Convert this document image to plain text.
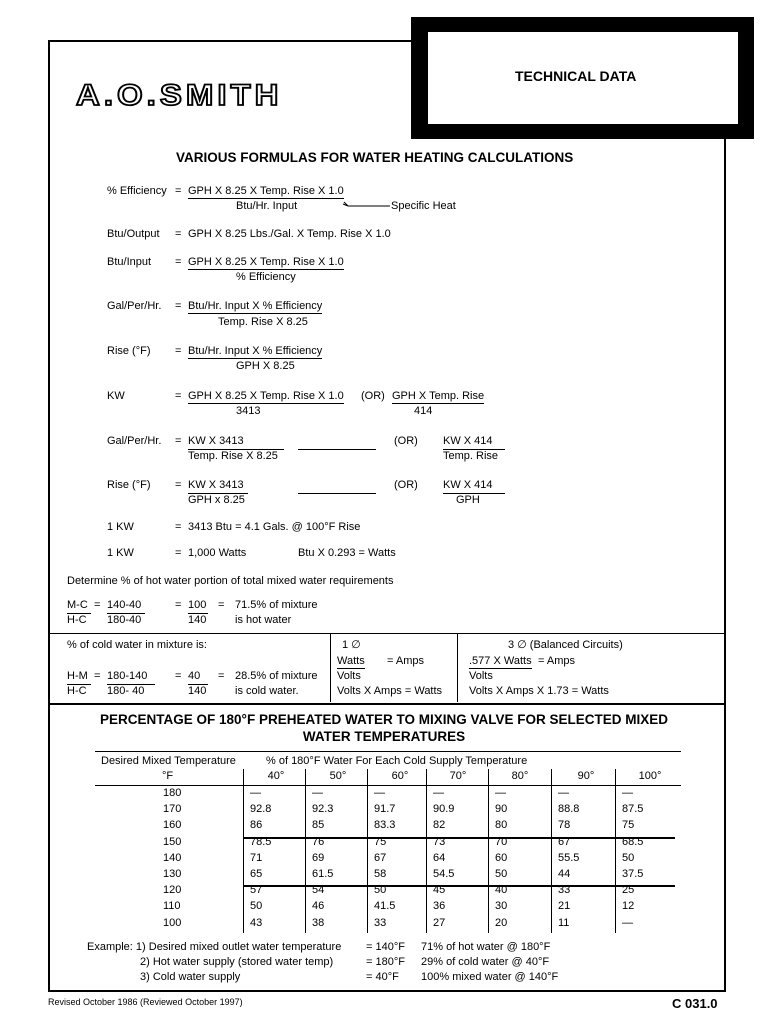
TECHNICAL DATA
A.O.SMITH
VARIOUS FORMULAS FOR WATER HEATING CALCULATIONS
% Efficiency = GPH X 8.25 X Temp. Rise X 1.0
Btu/Hr. Input	Specific Heat
Btu/Output = GPH X 8.25 Lbs./Gal. X Temp. Rise X 1.0
Btu/Input = GPH X 8.25 X Temp. Rise X 1.0
% Efficiency
Gal/Per/Hr. = Btu/Hr. Input X % Efficiency
Temp. Rise X 8.25
Rise (°F) = Btu/Hr. Input X % Efficiency
GPH X 8.25
KW	= GPH X 8.25 X Temp. Rise X 1.0
3413
(OR) GPH X Temp. Rise
414
Gal/Per/Hr. = KW X 3413
Temp. Rise X 8.25
(OR) KW X 414
Temp. Rise
Rise (°F) = KW X 3413
GPH x 8.25
(OR) KW X 414
GPH
1 KW	= 3413 Btu = 4.1 Gals. @ 100°F Rise
1 KW	= 1,000 Watts	Btu X 0.293 = Watts
Determine % of hot water portion of total mixed water requirements
M-C
H-C
= 140-40
180-40
= 100
140
= 71.5% of mixture
is hot water
% of cold water in mixture is:
H-M
H-C
= 180-140
180- 40
= 40
140
= 28.5% of mixture
is cold water.
1 ∅
Watts = Amps
Volts
Volts X Amps = Watts
3 ∅ (Balanced Circuits)
.577 X Watts = Amps
Volts
Volts X Amps X 1.73 = Watts
PERCENTAGE OF 180°F PREHEATED WATER TO MIXING VALVE FOR SELECTED MIXED
WATER TEMPERATURES
Desired Mixed Temperature	% of 180°F Water For Each Cold Supply Temperature
°F	40°	50°	60°	70°	80°	90°	100°
180	—	—	—	—	—	—	—
170	92.8	92.3	91.7	90.9	90	88.8	87.5
160	86	85	83.3	82	80	78	75
150	78.5	76	75	73	70	67	68.5
140	71	69	67	64	60	55.5	50
130	65	61.5	58	54.5	50	44	37.5
120	57	54	50	45	40	33	25
110	50	46	41.5	36	30	21	12
100	43	38	33	27	20	11	—
Example: 1) Desired mixed outlet water temperature = 140°F 71% of hot water @ 180°F
2) Hot water supply (stored water temp)	= 180°F 29% of cold water @ 40°F
3) Cold water supply	= 40°F 100% mixed water @ 140°F
Revised October 1986 (Reviewed October 1997)	C 031.0
